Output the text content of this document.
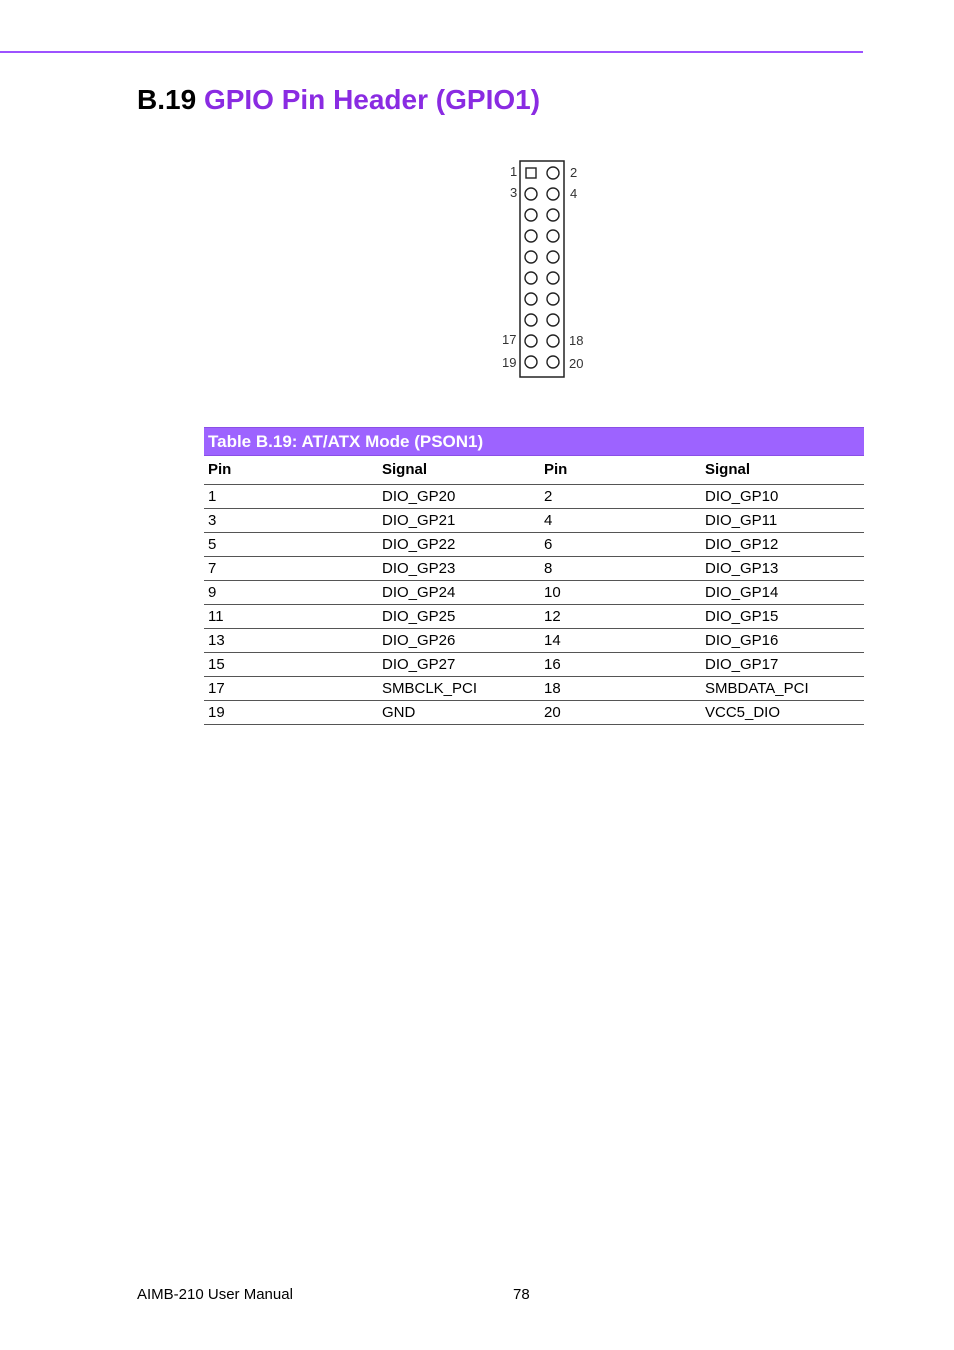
B.19 GPIO Pin Header (GPIO1)
1	2
3	4
17	18
19	20
Table B.19: AT/ATX Mode (PSON1)
Pin	Signal	Pin	Signal
1	DIO_GP20	2	DIO_GP10
3	DIO_GP21	4	DIO_GP11
5	DIO_GP22	6	DIO_GP12
7	DIO_GP23	8	DIO_GP13
9	DIO_GP24	10	DIO_GP14
11	DIO_GP25	12	DIO_GP15
13	DIO_GP26	14	DIO_GP16
15	DIO_GP27	16	DIO_GP17
17	SMBCLK_PCI	18	SMBDATA_PCI
19	GND	20	VCC5_DIO
AIMB-210 User Manual	78
